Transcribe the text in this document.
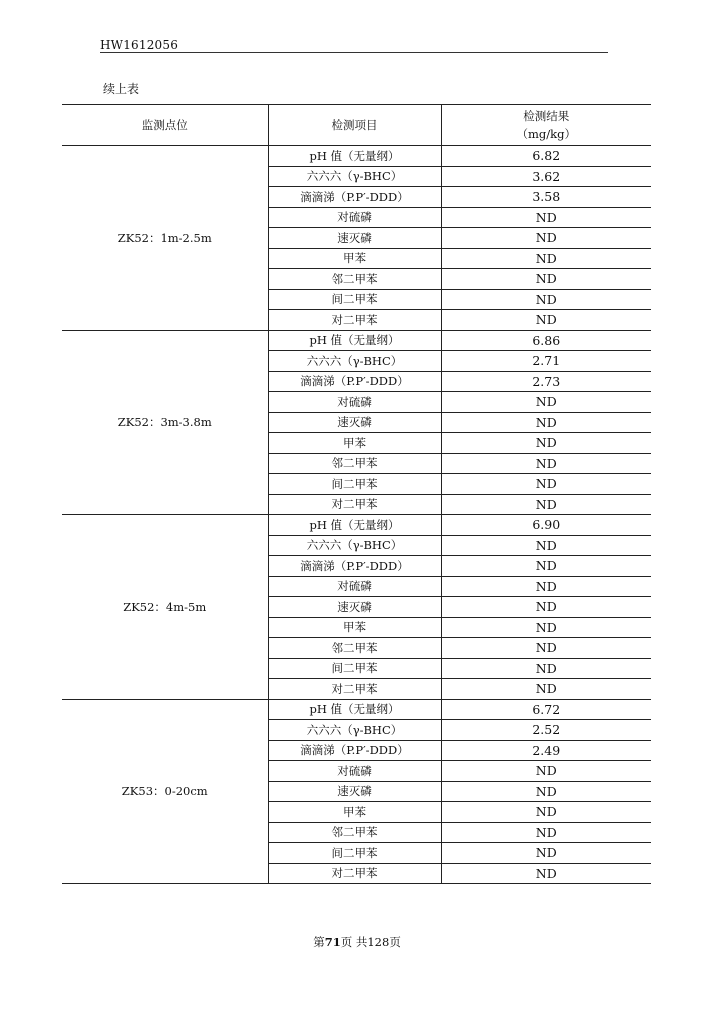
HW1612056
续上表
监测点位	检测项目	检测结果
（mg/kg）

ZK52：1m-2.5m	pH 值（无量纲）	6.82
	六六六（γ-BHC）	3.62
	滴滴涕（P.P′-DDD）	3.58
	对硫磷	ND
	速灭磷	ND
	甲苯	ND
	邻二甲苯	ND
	间二甲苯	ND
	对二甲苯	ND
ZK52：3m-3.8m	pH 值（无量纲）	6.86
	六六六（γ-BHC）	2.71
	滴滴涕（P.P′-DDD）	2.73
	对硫磷	ND
	速灭磷	ND
	甲苯	ND
	邻二甲苯	ND
	间二甲苯	ND
	对二甲苯	ND
ZK52：4m-5m	pH 值（无量纲）	6.90
	六六六（γ-BHC）	ND
	滴滴涕（P.P′-DDD）	ND
	对硫磷	ND
	速灭磷	ND
	甲苯	ND
	邻二甲苯	ND
	间二甲苯	ND
	对二甲苯	ND
ZK53：0-20cm	pH 值（无量纲）	6.72
	六六六（γ-BHC）	2.52
	滴滴涕（P.P′-DDD）	2.49
	对硫磷	ND
	速灭磷	ND
	甲苯	ND
	邻二甲苯	ND
	间二甲苯	ND
	对二甲苯	ND
第71页 共128页
